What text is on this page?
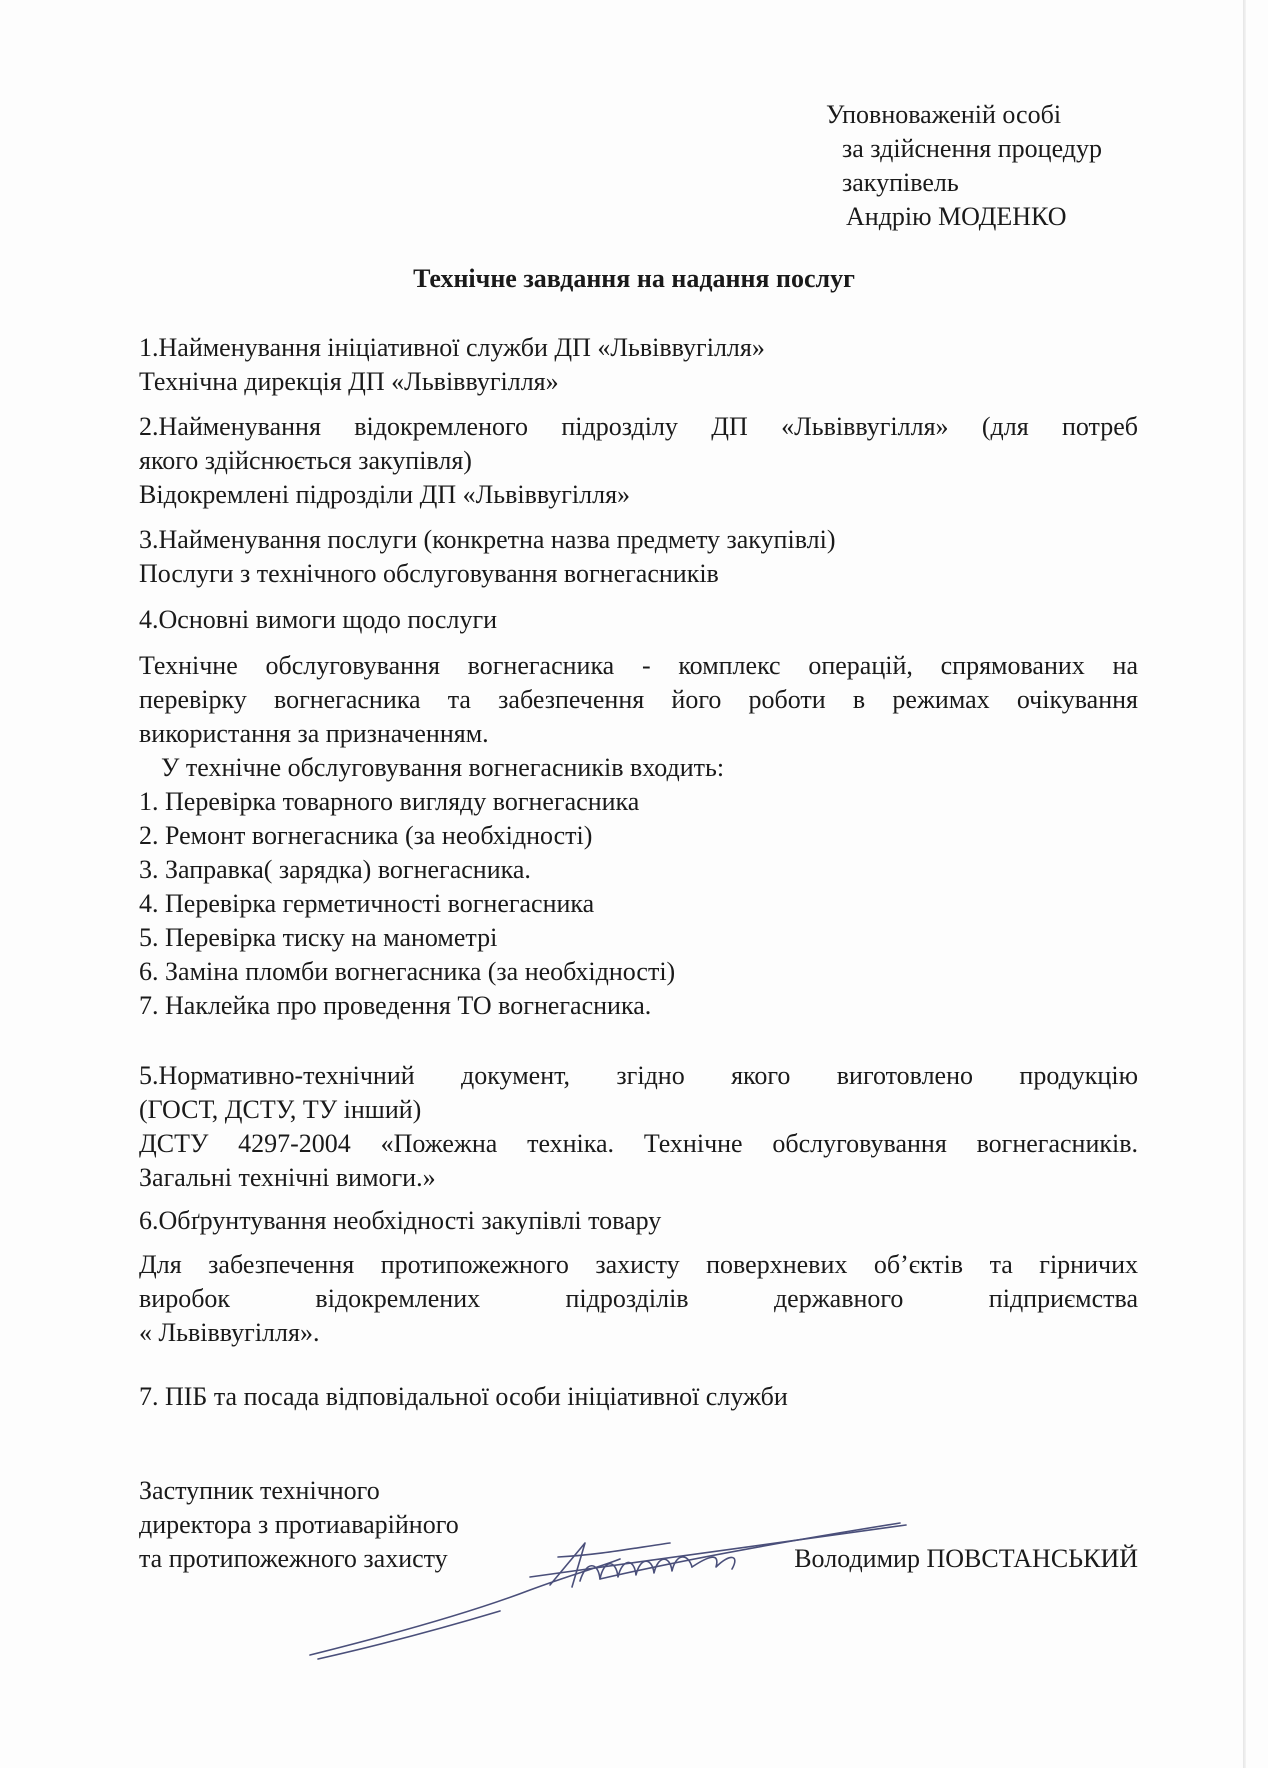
Уповноваженій особі
за здійснення процедур
закупівель
Андрію МОДЕНКО
Технічне завдання на надання послуг

1.Найменування ініціативної служби ДП «Львіввугілля»

Технічна дирекція ДП «Львіввугілля»

2.Найменування відокремленого підрозділу ДП «Львіввугілля» (для потреб

якого здійснюється закупівля)

Відокремлені підрозділи ДП «Львіввугілля»

3.Найменування послуги (конкретна назва предмету закупівлі)

Послуги з технічного обслуговування вогнегасників

4.Основні вимоги щодо послуги

Технічне обслуговування вогнегасника - комплекс операцій, спрямованих на

перевірку вогнегасника та забезпечення його роботи в режимах очікування

використання за призначенням.

У технічне обслуговування вогнегасників входить:

1. Перевірка товарного вигляду вогнегасника

2. Ремонт вогнегасника (за необхідності)

3. Заправка( зарядка) вогнегасника.

4. Перевірка герметичності вогнегасника

5. Перевірка тиску на манометрі

6. Заміна пломби вогнегасника (за необхідності)

7. Наклейка про проведення ТО вогнегасника.

5.Нормативно-технічний документ, згідно якого виготовлено продукцію

(ГОСТ, ДСТУ, ТУ інший)

ДСТУ 4297-2004 «Пожежна техніка. Технічне обслуговування вогнегасників.

Загальні технічні вимоги.»

6.Обґрунтування необхідності закупівлі товару

Для забезпечення протипожежного захисту поверхневих об’єктів та гірничих

виробок відокремлених підрозділів державного підприємства

« Львіввугілля».

7. ПІБ та посада відповідальної особи ініціативної служби

Заступник технічного

директора з протиаварійного

та протипожежного захисту	Володимир ПОВСТАНСЬКИЙ
